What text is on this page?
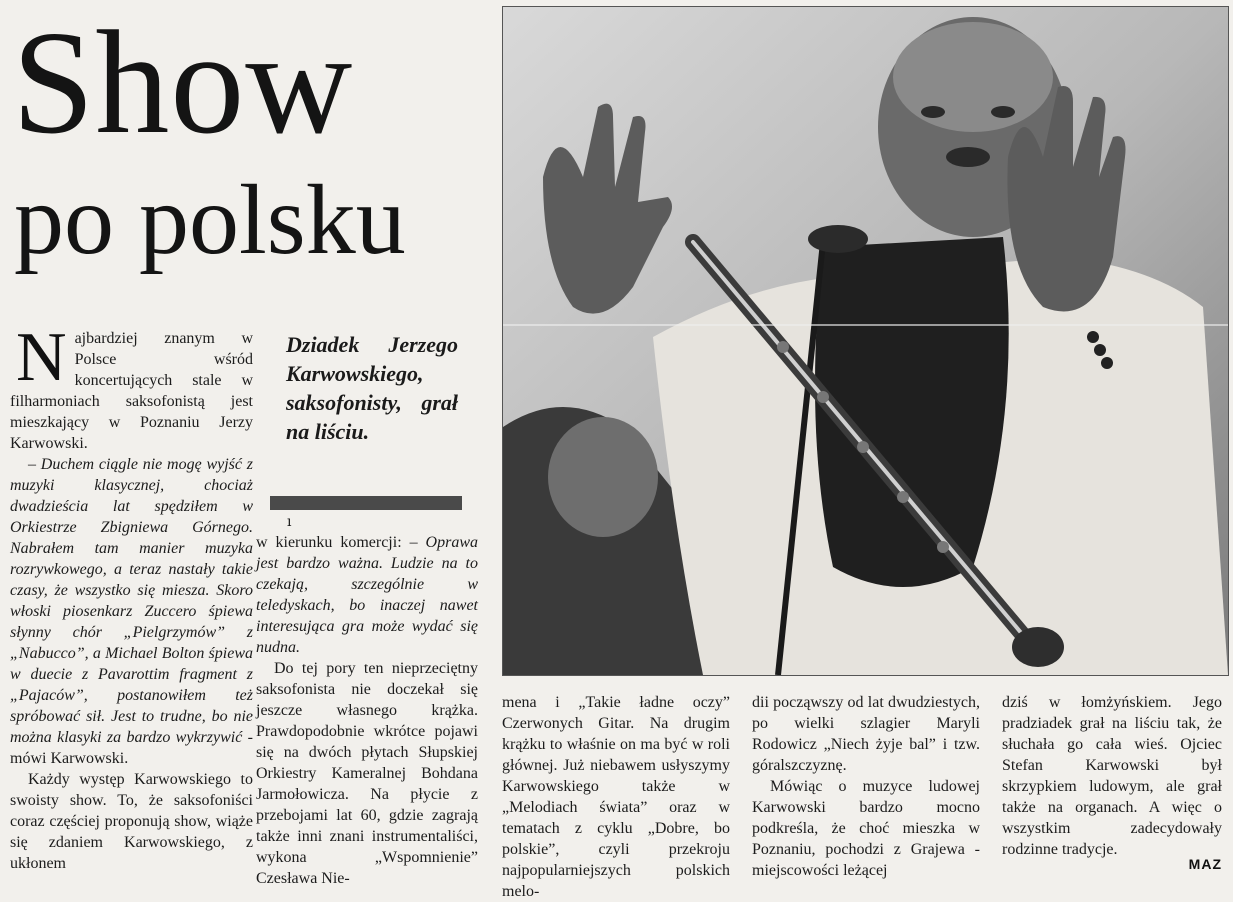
Show
po polsku
N ajbardziej znanym w Polsce wśród koncertujących stale w filharmoniach saksofonistą jest mieszkający w Poznaniu Jerzy Karwowski.

– Duchem ciągle nie mogę wyjść z muzyki klasycznej, chociaż dwadzieścia lat spędziłem w Orkiestrze Zbigniewa Górnego. Nabrałem tam manier muzyka rozrywkowego, a teraz nastały takie czasy, że wszystko się miesza. Skoro włoski piosenkarz Zuccero śpiewa słynny chór „Pielgrzymów” z „Nabucco”, a Michael Bolton śpiewa w duecie z Pavarottim fragment z „Pajaców”, postanowiłem też spróbować sił. Jest to trudne, bo nie można klasyki za bardzo wykrzywić - mówi Karwowski.

Każdy występ Karwowskiego to swoisty show. To, że saksofoniści coraz częściej proponują show, wiąże się zdaniem Karwowskiego, z ukłonem

Dziadek Jerzego Karwowskiego, saksofonisty, grał na liściu.
ı

w kierunku komercji: – Oprawa jest bardzo ważna. Ludzie na to czekają, szczególnie w teledyskach, bo inaczej nawet interesująca gra może wydać się nudna.

Do tej pory ten nieprzeciętny saksofonista nie doczekał się jeszcze własnego krążka. Prawdopodobnie wkrótce pojawi się na dwóch płytach Słupskiej Orkiestry Kameralnej Bohdana Jarmołowicza. Na płycie z przebojami lat 60, gdzie zagrają także inni znani instrumentaliści, wykona „Wspomnienie” Czesława Nie-

mena i „Takie ładne oczy” Czerwonych Gitar. Na drugim krążku to właśnie on ma być w roli głównej. Już niebawem usłyszymy Karwowskiego także w „Melodiach świata” oraz w tematach z cyklu „Dobre, bo polskie”, czyli przekroju najpopularniejszych polskich melo-

dii począwszy od lat dwudziestych, po wielki szlagier Maryli Rodowicz „Niech żyje bal” i tzw. góralszczyznę.

Mówiąc o muzyce ludowej Karwowski bardzo mocno podkreśla, że choć mieszka w Poznaniu, pochodzi z Grajewa - miejscowości leżącej

dziś w łomżyńskiem. Jego pradziadek grał na liściu tak, że słuchała go cała wieś. Ojciec Stefan Karwowski był skrzypkiem ludowym, ale grał także na organach. A więc o wszystkim zadecydowały rodzinne tradycje.

MAZ
